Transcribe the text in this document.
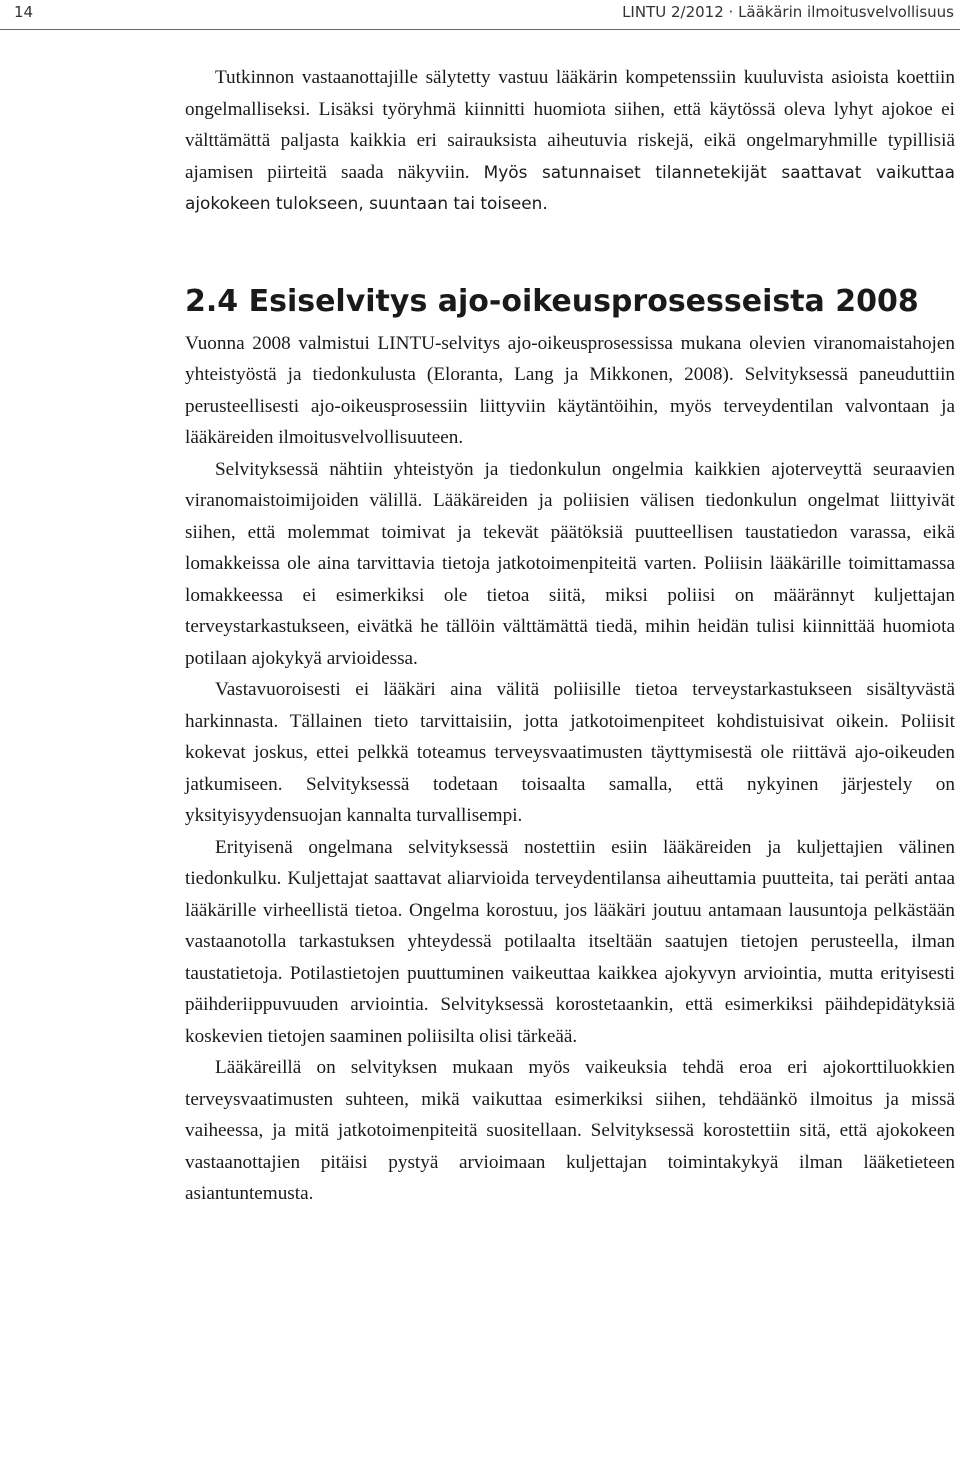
14	LINTU 2/2012 · Lääkärin ilmoitusvelvollisuus

Tutkinnon vastaanottajille sälytetty vastuu lääkärin kompetenssiin kuuluvista asioista koettiin ongelmalliseksi. Lisäksi työryhmä kiinnitti huomiota siihen, että käytössä oleva lyhyt ajokoe ei välttämättä paljasta kaikkia eri sairauksista aiheutuvia riskejä, eikä ongelmaryhmille typillisiä ajamisen piirteitä saada näkyviin. Myös satunnaiset tilannetekijät saattavat vaikuttaa ajokokeen tulokseen, suuntaan tai toiseen.

2.4 Esiselvitys ajo-oikeusprosesseista 2008

Vuonna 2008 valmistui LINTU-selvitys ajo-oikeusprosessissa mukana olevien viranomaistahojen yhteistyöstä ja tiedonkulusta (Eloranta, Lang ja Mikkonen, 2008). Selvityksessä paneuduttiin perusteellisesti ajo-oikeusprosessiin liittyviin käytäntöihin, myös terveydentilan valvontaan ja lääkäreiden ilmoitusvelvollisuuteen.

Selvityksessä nähtiin yhteistyön ja tiedonkulun ongelmia kaikkien ajoterveyttä seuraavien viranomaistoimijoiden välillä. Lääkäreiden ja poliisien välisen tiedonkulun ongelmat liittyivät siihen, että molemmat toimivat ja tekevät päätöksiä puutteellisen taustatiedon varassa, eikä lomakkeissa ole aina tarvittavia tietoja jatkotoimenpiteitä varten. Poliisin lääkärille toimittamassa lomakkeessa ei esimerkiksi ole tietoa siitä, miksi poliisi on määrännyt kuljettajan terveystarkastukseen, eivätkä he tällöin välttämättä tiedä, mihin heidän tulisi kiinnittää huomiota potilaan ajokykyä arvioidessa.

Vastavuoroisesti ei lääkäri aina välitä poliisille tietoa terveystarkastukseen sisältyvästä harkinnasta. Tällainen tieto tarvittaisiin, jotta jatkotoimenpiteet kohdistuisivat oikein. Poliisit kokevat joskus, ettei pelkkä toteamus terveysvaatimusten täyttymisestä ole riittävä ajo-oikeuden jatkumiseen. Selvityksessä todetaan toisaalta samalla, että nykyinen järjestely on yksityisyydensuojan kannalta turvallisempi.

Erityisenä ongelmana selvityksessä nostettiin esiin lääkäreiden ja kuljettajien välinen tiedonkulku. Kuljettajat saattavat aliarvioida terveydentilansa aiheuttamia puutteita, tai peräti antaa lääkärille virheellistä tietoa. Ongelma korostuu, jos lääkäri joutuu antamaan lausuntoja pelkästään vastaanotolla tarkastuksen yhteydessä potilaalta itseltään saatujen tietojen perusteella, ilman taustatietoja. Potilastietojen puuttuminen vaikeuttaa kaikkea ajokyvyn arviointia, mutta erityisesti päihderiippuvuuden arviointia. Selvityksessä korostetaankin, että esimerkiksi päihdepidätyksiä koskevien tietojen saaminen poliisilta olisi tärkeää.

Lääkäreillä on selvityksen mukaan myös vaikeuksia tehdä eroa eri ajokorttiluokkien terveysvaatimusten suhteen, mikä vaikuttaa esimerkiksi siihen, tehdäänkö ilmoitus ja missä vaiheessa, ja mitä jatkotoimenpiteitä suositellaan. Selvityksessä korostettiin sitä, että ajokokeen vastaanottajien pitäisi pystyä arvioimaan kuljettajan toimintakykyä ilman lääketieteen asiantuntemusta.
